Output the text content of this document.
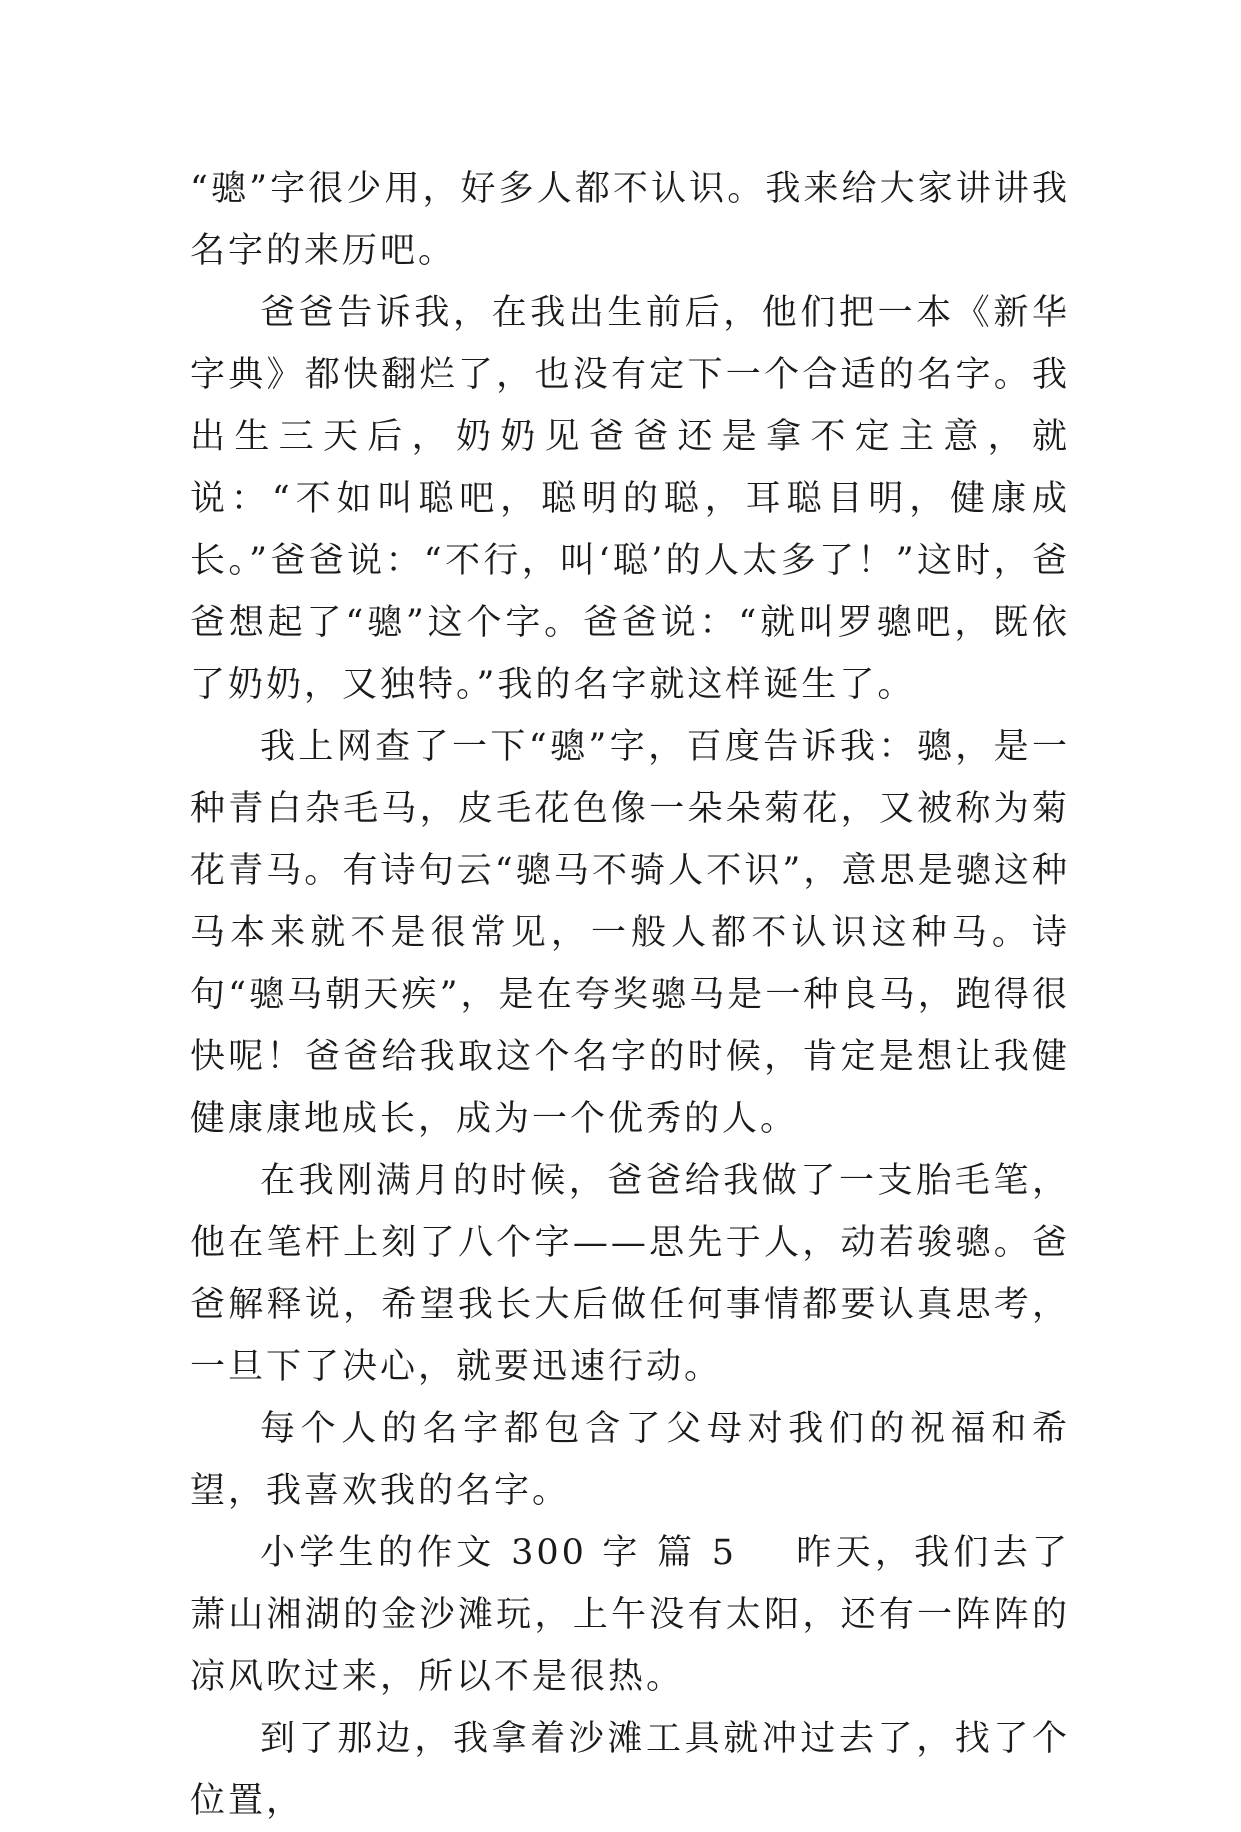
“骢”字很少用，好多人都不认识。我来给大家讲讲我名字的来历吧。

爸爸告诉我，在我出生前后，他们把一本《新华字典》都快翻烂了，也没有定下一个合适的名字。我出生三天后，奶奶见爸爸还是拿不定主意，就说：“不如叫聪吧，聪明的聪，耳聪目明，健康成长。”爸爸说：“不行，叫‘聪’的人太多了！”这时，爸爸想起了“骢”这个字。爸爸说：“就叫罗骢吧，既依了奶奶，又独特。”我的名字就这样诞生了。

我上网查了一下“骢”字，百度告诉我：骢，是一种青白杂毛马，皮毛花色像一朵朵菊花，又被称为菊花青马。有诗句云“骢马不骑人不识”，意思是骢这种马本来就不是很常见，一般人都不认识这种马。诗句“骢马朝天疾”，是在夸奖骢马是一种良马，跑得很快呢！爸爸给我取这个名字的时候，肯定是想让我健健康康地成长，成为一个优秀的人。

在我刚满月的时候，爸爸给我做了一支胎毛笔，他在笔杆上刻了八个字——思先于人，动若骏骢。爸爸解释说，希望我长大后做任何事情都要认真思考，一旦下了决心，就要迅速行动。

每个人的名字都包含了父母对我们的祝福和希望，我喜欢我的名字。

小学生的作文 300 字 篇 5 昨天，我们去了萧山湘湖的金沙滩玩，上午没有太阳，还有一阵阵的凉风吹过来，所以不是很热。

到了那边，我拿着沙滩工具就冲过去了，找了个位置，
